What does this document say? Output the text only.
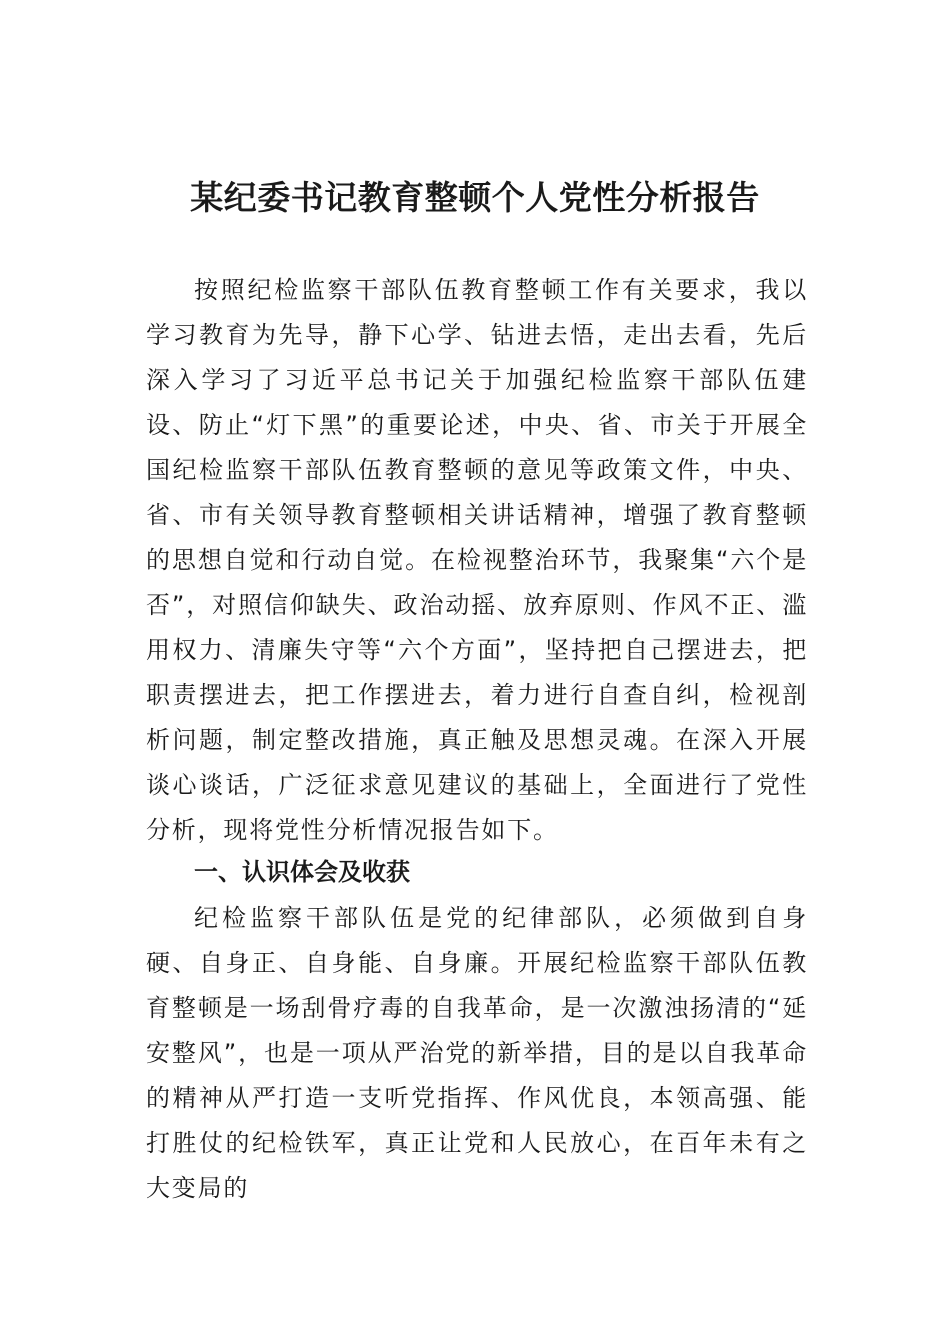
某纪委书记教育整顿个人党性分析报告

按照纪检监察干部队伍教育整顿工作有关要求，我以学习教育为先导，静下心学、钻进去悟，走出去看，先后深入学习了习近平总书记关于加强纪检监察干部队伍建设、防止“灯下黑”的重要论述，中央、省、市关于开展全国纪检监察干部队伍教育整顿的意见等政策文件，中央、省、市有关领导教育整顿相关讲话精神，增强了教育整顿的思想自觉和行动自觉。在检视整治环节，我聚集“六个是否”，对照信仰缺失、政治动摇、放弃原则、作风不正、滥用权力、清廉失守等“六个方面”，坚持把自己摆进去，把职责摆进去，把工作摆进去，着力进行自查自纠，检视剖析问题，制定整改措施，真正触及思想灵魂。在深入开展谈心谈话，广泛征求意见建议的基础上，全面进行了党性分析，现将党性分析情况报告如下。

一、认识体会及收获

纪检监察干部队伍是党的纪律部队，必须做到自身硬、自身正、自身能、自身廉。开展纪检监察干部队伍教育整顿是一场刮骨疗毒的自我革命，是一次激浊扬清的“延安整风”，也是一项从严治党的新举措，目的是以自我革命的精神从严打造一支听党指挥、作风优良，本领高强、能打胜仗的纪检铁军，真正让党和人民放心，在百年未有之大变局的
